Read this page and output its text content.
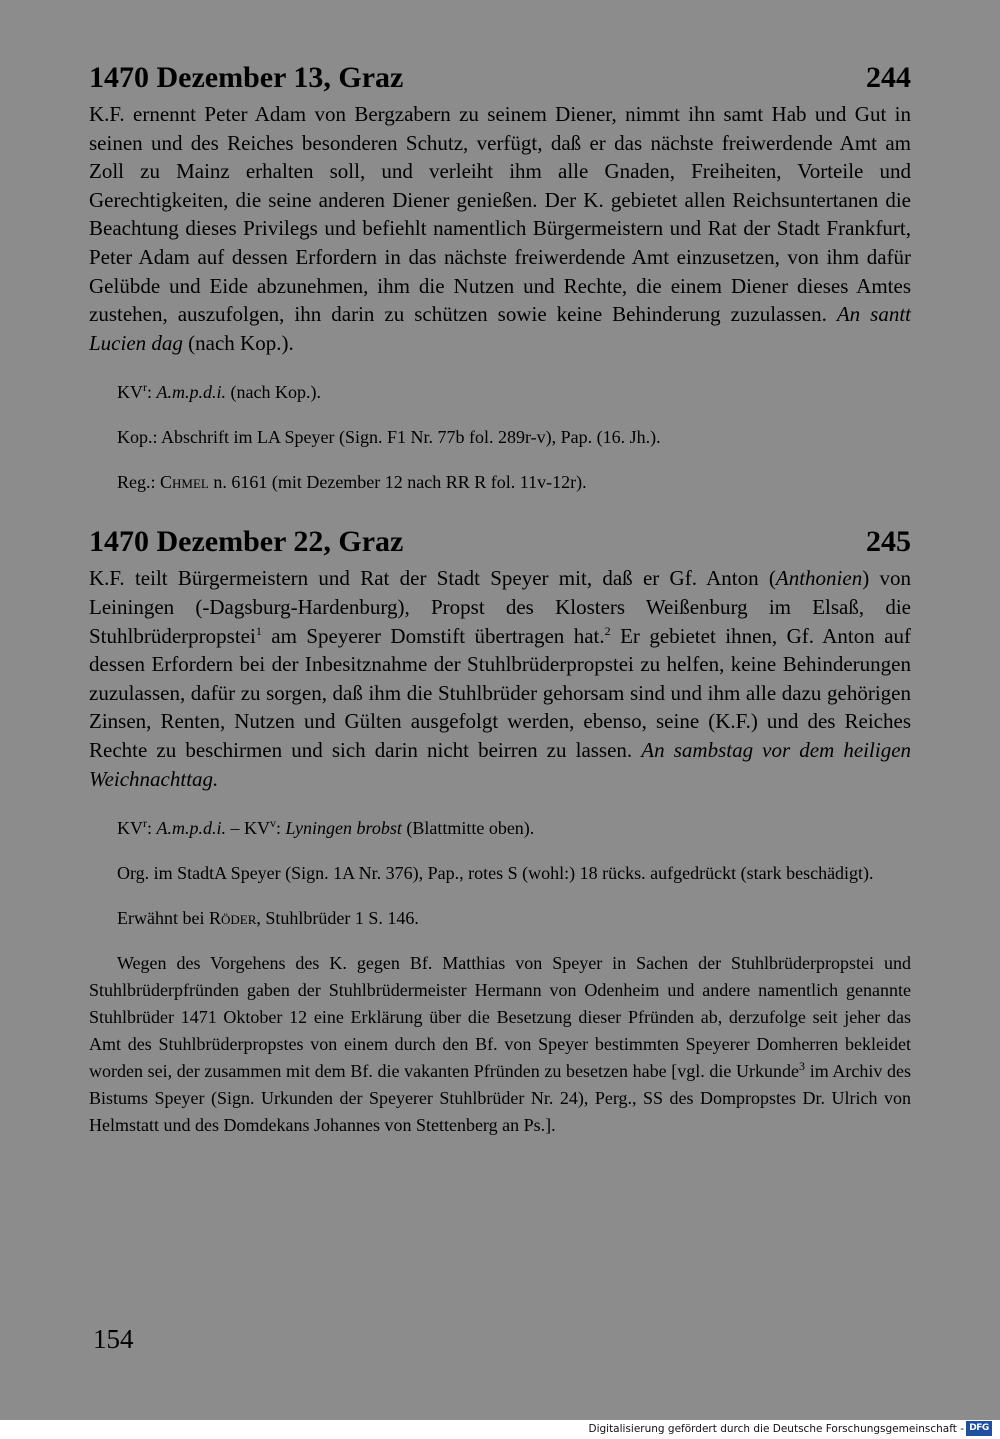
1470 Dezember 13, Graz	244

K.F. ernennt Peter Adam von Bergzabern zu seinem Diener, nimmt ihn samt Hab und Gut in seinen und des Reiches besonderen Schutz, verfügt, daß er das nächste freiwerdende Amt am Zoll zu Mainz erhalten soll, und verleiht ihm alle Gnaden, Freiheiten, Vorteile und Gerechtigkeiten, die seine anderen Diener genießen. Der K. gebietet allen Reichsuntertanen die Beachtung dieses Privilegs und befiehlt namentlich Bürgermeistern und Rat der Stadt Frankfurt, Peter Adam auf dessen Erfordern in das nächste freiwerdende Amt einzusetzen, von ihm dafür Gelübde und Eide abzunehmen, ihm die Nutzen und Rechte, die einem Diener dieses Amtes zustehen, auszufolgen, ihn darin zu schützen sowie keine Behinderung zuzulassen. An santt Lucien dag (nach Kop.).

$KV^r$: A.m.p.d.i. (nach Kop.).

Kop.: Abschrift im LA Speyer (Sign. F1 Nr. 77b fol. 289r-v), Pap. (16. Jh.).

Reg.: Chmel n. 6161 (mit Dezember 12 nach RR R fol. 11v-12r).

1470 Dezember 22, Graz	245

K.F. teilt Bürgermeistern und Rat der Stadt Speyer mit, daß er Gf. Anton (Anthonien) von Leiningen (-Dagsburg-Hardenburg), Propst des Klosters Weißenburg im Elsaß, die Stuhlbrüderpropstei$^1$ am Speyerer Domstift übertragen hat.$^2$ Er gebietet ihnen, Gf. Anton auf dessen Erfordern bei der Inbesitznahme der Stuhlbrüderpropstei zu helfen, keine Behinderungen zuzulassen, dafür zu sorgen, daß ihm die Stuhlbrüder gehorsam sind und ihm alle dazu gehörigen Zinsen, Renten, Nutzen und Gülten ausgefolgt werden, ebenso, seine (K.F.) und des Reiches Rechte zu beschirmen und sich darin nicht beirren zu lassen. An sambstag vor dem heiligen Weichnachttag.

$KV^r$: A.m.p.d.i. – $KV^v$: Lyningen brobst (Blattmitte oben).

Org. im StadtA Speyer (Sign. 1A Nr. 376), Pap., rotes S (wohl:) 18 rücks. aufgedrückt (stark beschädigt).

Erwähnt bei Röder, Stuhlbrüder 1 S. 146.

Wegen des Vorgehens des K. gegen Bf. Matthias von Speyer in Sachen der Stuhlbrüderpropstei und Stuhlbrüderpfründen gaben der Stuhlbrüdermeister Hermann von Odenheim und andere namentlich genannte Stuhlbrüder 1471 Oktober 12 eine Erklärung über die Besetzung dieser Pfründen ab, derzufolge seit jeher das Amt des Stuhlbrüderpropstes von einem durch den Bf. von Speyer bestimmten Speyerer Domherren bekleidet worden sei, der zusammen mit dem Bf. die vakanten Pfründen zu besetzen habe [vgl. die Urkunde$^3$ im Archiv des Bistums Speyer (Sign. Urkunden der Speyerer Stuhlbrüder Nr. 24), Perg., SS des Dompropstes Dr. Ulrich von Helmstatt und des Domdekans Johannes von Stettenberg an Ps.].

154
Digitalisierung gefördert durch die Deutsche Forschungsgemeinschaft - DFG
